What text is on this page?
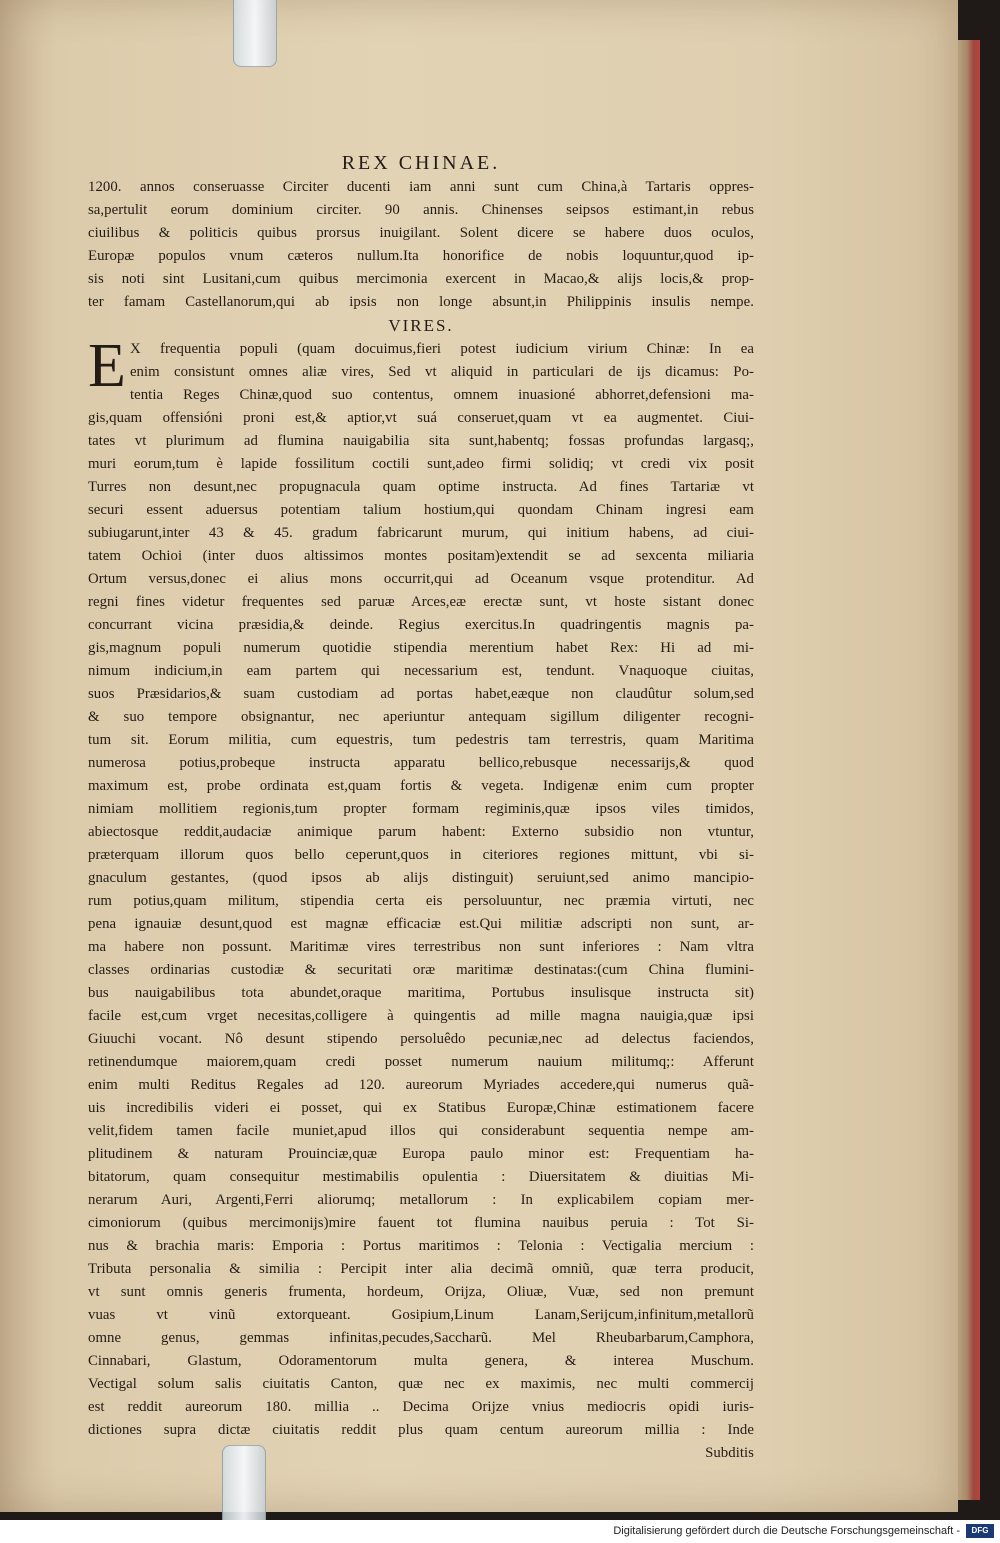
REX CHINAE.
1200. annos conseruasse Circiter ducenti iam anni sunt cum China,à Tartaris oppres-
sa,pertulit eorum dominium circiter. 90 annis. Chinenses seipsos estimant,in rebus
ciuilibus & politicis quibus prorsus inuigilant. Solent dicere se habere duos oculos,
Europæ populos vnum cæteros nullum.Ita honorifice de nobis loquuntur,quod ip-
sis noti sint Lusitani,cum quibus mercimonia exercent in Macao,& alijs locis,& prop-
ter famam Castellanorum,qui ab ipsis non longe absunt,in Philippinis insulis nempe.
VIRES.
E X frequentia populi (quam docuimus,fieri potest iudicium virium Chinæ: In ea
enim consistunt omnes aliæ vires, Sed vt aliquid in particulari de ijs dicamus: Po-
tentia Reges Chinæ,quod suo contentus, omnem inuasioné abhorret,defensioni ma-
gis,quam offensióni proni est,& aptior,vt suá conseruet,quam vt ea augmentet. Ciui-
tates vt plurimum ad flumina nauigabilia sita sunt,habentq; fossas profundas largasq;,
muri eorum,tum è lapide fossilitum coctili sunt,adeo firmi solidiq; vt credi vix posit
Turres non desunt,nec propugnacula quam optime instructa. Ad fines Tartariæ vt
securi essent aduersus potentiam talium hostium,qui quondam Chinam ingresi eam
subiugarunt,inter 43 & 45. gradum fabricarunt murum, qui initium habens, ad ciui-
tatem Ochioi (inter duos altissimos montes positam)extendit se ad sexcenta miliaria
Ortum versus,donec ei alius mons occurrit,qui ad Oceanum vsque protenditur. Ad
regni fines videtur frequentes sed paruæ Arces,eæ erectæ sunt, vt hoste sistant donec
concurrant vicina præsidia,& deinde. Regius exercitus.In quadringentis magnis pa-
gis,magnum populi numerum quotidie stipendia merentium habet Rex: Hi ad mi-
nimum indicium,in eam partem qui necessarium est, tendunt. Vnaquoque ciuitas,
suos Præsidarios,& suam custodiam ad portas habet,eæque non claudûtur solum,sed
& suo tempore obsignantur, nec aperiuntur antequam sigillum diligenter recogni-
tum sit. Eorum militia, cum equestris, tum pedestris tam terrestris, quam Maritima
numerosa potius,probeque instructa apparatu bellico,rebusque necessarijs,& quod
maximum est, probe ordinata est,quam fortis & vegeta. Indigenæ enim cum propter
nimiam mollitiem regionis,tum propter formam regiminis,quæ ipsos viles timidos,
abiectosque reddit,audaciæ animique parum habent: Externo subsidio non vtuntur,
præterquam illorum quos bello ceperunt,quos in citeriores regiones mittunt, vbi si-
gnaculum gestantes, (quod ipsos ab alijs distinguit) seruiunt,sed animo mancipio-
rum potius,quam militum, stipendia certa eis persoluuntur, nec præmia virtuti, nec
pena ignauiæ desunt,quod est magnæ efficaciæ est.Qui militiæ adscripti non sunt, ar-
ma habere non possunt. Maritimæ vires terrestribus non sunt inferiores : Nam vltra
classes ordinarias custodiæ & securitati oræ maritimæ destinatas:(cum China flumini-
bus nauigabilibus tota abundet,oraque maritima, Portubus insulisque instructa sit)
facile est,cum vrget necesitas,colligere à quingentis ad mille magna nauigia,quæ ipsi
Giuuchi vocant. Nô desunt stipendo persoluêdo pecuniæ,nec ad delectus faciendos,
retinendumque maiorem,quam credi posset numerum nauium militumq;: Afferunt
enim multi Reditus Regales ad 120. aureorum Myriades accedere,qui numerus quã-
uis incredibilis videri ei posset, qui ex Statibus Europæ,Chinæ estimationem facere
velit,fidem tamen facile muniet,apud illos qui considerabunt sequentia nempe am-
plitudinem & naturam Prouinciæ,quæ Europa paulo minor est: Frequentiam ha-
bitatorum, quam consequitur mestimabilis opulentia : Diuersitatem & diuitias Mi-
nerarum Auri, Argenti,Ferri aliorumq; metallorum : In explicabilem copiam mer-
cimoniorum (quibus mercimonijs)mire fauent tot flumina nauibus peruia : Tot Si-
nus & brachia maris: Emporia : Portus maritimos : Telonia : Vectigalia mercium :
Tributa personalia & similia : Percipit inter alia decimã omniũ, quæ terra producit,
vt sunt omnis generis frumenta, hordeum, Orijza, Oliuæ, Vuæ, sed non premunt
vuas vt vinũ extorqueant. Gosipium,Linum Lanam,Serijcum,infinitum,metallorũ
omne genus, gemmas infinitas,pecudes,Saccharũ. Mel Rheubarbarum,Camphora,
Cinnabari, Glastum, Odoramentorum multa genera, & interea Muschum.
Vectigal solum salis ciuitatis Canton, quæ nec ex maximis, nec multi commercij
est reddit aureorum 180. millia .. Decima Orijze vnius mediocris opidi iuris-
dictiones supra dictæ ciuitatis reddit plus quam centum aureorum millia : Inde
Subditis
Digitalisierung gefördert durch die Deutsche Forschungsgemeinschaft -	DFG
